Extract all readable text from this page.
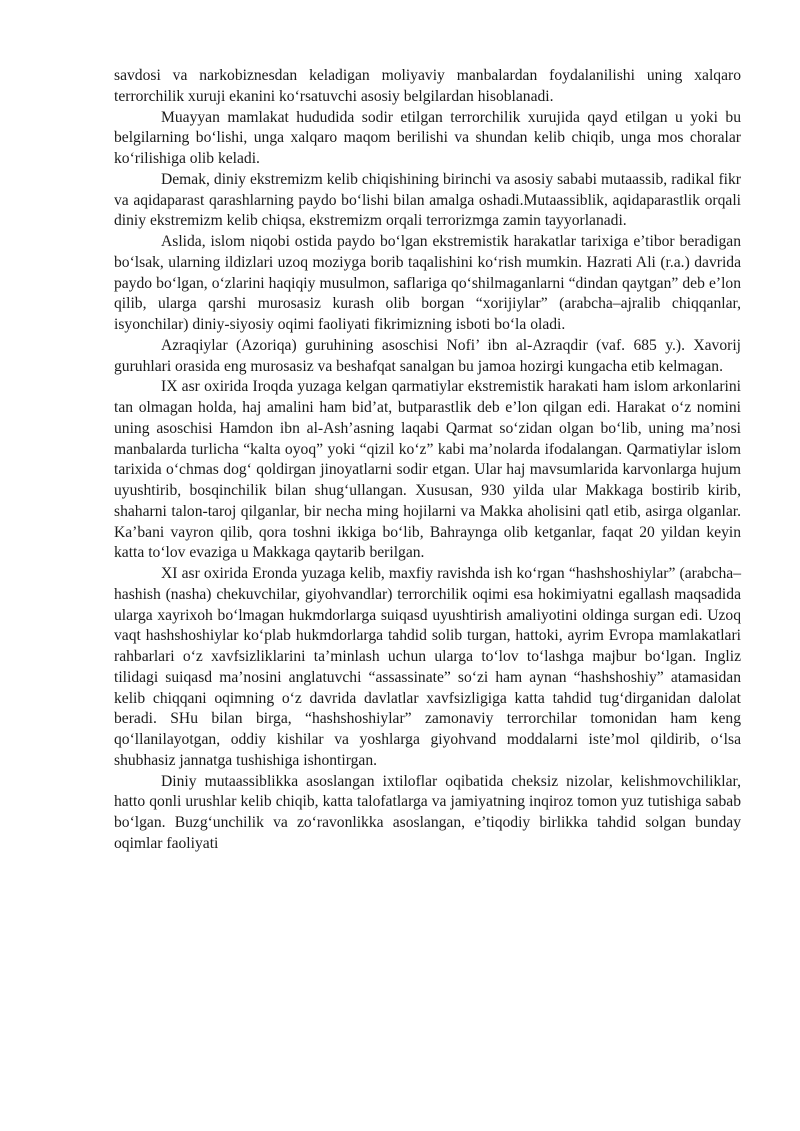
savdosi va narkobiznesdan keladigan moliyaviy manbalardan foydalanilishi uning xalqaro terrorchilik xuruji ekanini koʻrsatuvchi asosiy belgilardan hisoblanadi.

Muayyan mamlakat hududida sodir etilgan terrorchilik xurujida qayd etilgan u yoki bu belgilarning boʻlishi, unga xalqaro maqom berilishi va shundan kelib chiqib, unga mos choralar koʻrilishiga olib keladi.

Demak, diniy ekstremizm kelib chiqishining birinchi va asosiy sababi mutaassib, radikal fikr va aqidaparast qarashlarning paydo boʻlishi bilan amalga oshadi.Mutaassiblik, aqidaparastlik orqali diniy ekstremizm kelib chiqsa, ekstremizm orqali terrorizmga zamin tayyorlanadi.

Aslida, islom niqobi ostida paydo boʻlgan ekstremistik harakatlar tarixiga e’tibor beradigan boʻlsak, ularning ildizlari uzoq moziyga borib taqalishini koʻrish mumkin. Hazrati Ali (r.a.) davrida paydo boʻlgan, oʻzlarini haqiqiy musulmon, saflariga qoʻshilmaganlarni “dindan qaytgan” deb e’lon qilib, ularga qarshi murosasiz kurash olib borgan “xorijiylar” (arabcha–ajralib chiqqanlar, isyonchilar) diniy-siyosiy oqimi faoliyati fikrimizning isboti boʻla oladi.

Azraqiylar (Azoriqa) guruhining asoschisi Nofi’ ibn al-Azraqdir (vaf. 685 y.). Xavorij guruhlari orasida eng murosasiz va beshafqat sanalgan bu jamoa hozirgi kungacha etib kelmagan.

IX asr oxirida Iroqda yuzaga kelgan qarmatiylar ekstremistik harakati ham islom arkonlarini tan olmagan holda, haj amalini ham bid’at, butparastlik deb e’lon qilgan edi. Harakat oʻz nomini uning asoschisi Hamdon ibn al-Ash’asning laqabi Qarmat soʻzidan olgan boʻlib, uning ma’nosi manbalarda turlicha “kalta oyoq” yoki “qizil koʻz” kabi ma’nolarda ifodalangan. Qarmatiylar islom tarixida oʻchmas dogʻ qoldirgan jinoyatlarni sodir etgan. Ular haj mavsumlarida karvonlarga hujum uyushtirib, bosqinchilik bilan shugʻullangan. Xususan, 930 yilda ular Makkaga bostirib kirib, shaharni talon-taroj qilganlar, bir necha ming hojilarni va Makka aholisini qatl etib, asirga olganlar. Ka’bani vayron qilib, qora toshni ikkiga boʻlib, Bahraynga olib ketganlar, faqat 20 yildan keyin katta toʻlov evaziga u Makkaga qaytarib berilgan.

XI asr oxirida Eronda yuzaga kelib, maxfiy ravishda ish koʻrgan “hashshoshiylar” (arabcha–hashish (nasha) chekuvchilar, giyohvandlar) terrorchilik oqimi esa hokimiyatni egallash maqsadida ularga xayrixoh boʻlmagan hukmdorlarga suiqasd uyushtirish amaliyotini oldinga surgan edi. Uzoq vaqt hashshoshiylar koʻplab hukmdorlarga tahdid solib turgan, hattoki, ayrim Evropa mamlakatlari rahbarlari oʻz xavfsizliklarini ta’minlash uchun ularga toʻlov toʻlashga majbur boʻlgan. Ingliz tilidagi suiqasd ma’nosini anglatuvchi “assassinate” soʻzi ham aynan “hashshoshiy” atamasidan kelib chiqqani oqimning oʻz davrida davlatlar xavfsizligiga katta tahdid tugʻdirganidan dalolat beradi. SHu bilan birga, “hashshoshiylar” zamonaviy terrorchilar tomonidan ham keng qoʻllanilayotgan, oddiy kishilar va yoshlarga giyohvand moddalarni iste’mol qildirib, oʻlsa shubhasiz jannatga tushishiga ishontirgan.

Diniy mutaassiblikka asoslangan ixtiloflar oqibatida cheksiz nizolar, kelishmovchiliklar, hatto qonli urushlar kelib chiqib, katta talofatlarga va jamiyatning inqiroz tomon yuz tutishiga sabab boʻlgan. Buzgʻunchilik va zoʻravonlikka asoslangan, e’tiqodiy birlikka tahdid solgan bunday oqimlar faoliyati
